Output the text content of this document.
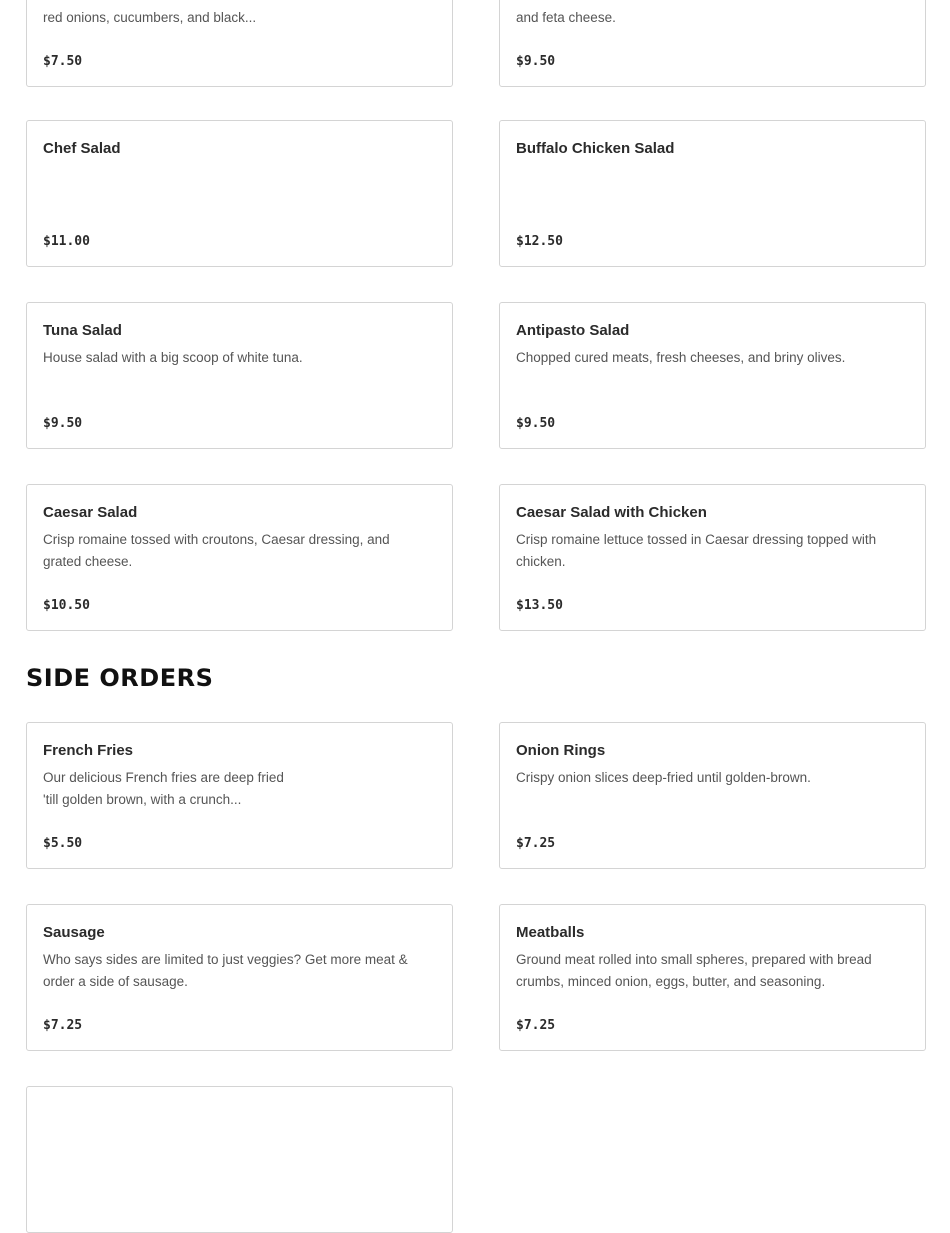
red onions, cucumbers, and black...
$7.50
and feta cheese.
$9.50
Chef Salad
$11.00
Buffalo Chicken Salad
$12.50
Tuna Salad
House salad with a big scoop of white tuna.
$9.50
Antipasto Salad
Chopped cured meats, fresh cheeses, and briny olives.
$9.50
Caesar Salad
Crisp romaine tossed with croutons, Caesar dressing, and grated cheese.
$10.50
Caesar Salad with Chicken
Crisp romaine lettuce tossed in Caesar dressing topped with chicken.
$13.50
SIDE ORDERS
French Fries
Our delicious French fries are deep fried 'till golden brown, with a crunch...
$5.50
Onion Rings
Crispy onion slices deep-fried until golden-brown.
$7.25
Sausage
Who says sides are limited to just veggies? Get more meat & order a side of sausage.
$7.25
Meatballs
Ground meat rolled into small spheres, prepared with bread crumbs, minced onion, eggs, butter, and seasoning.
$7.25
